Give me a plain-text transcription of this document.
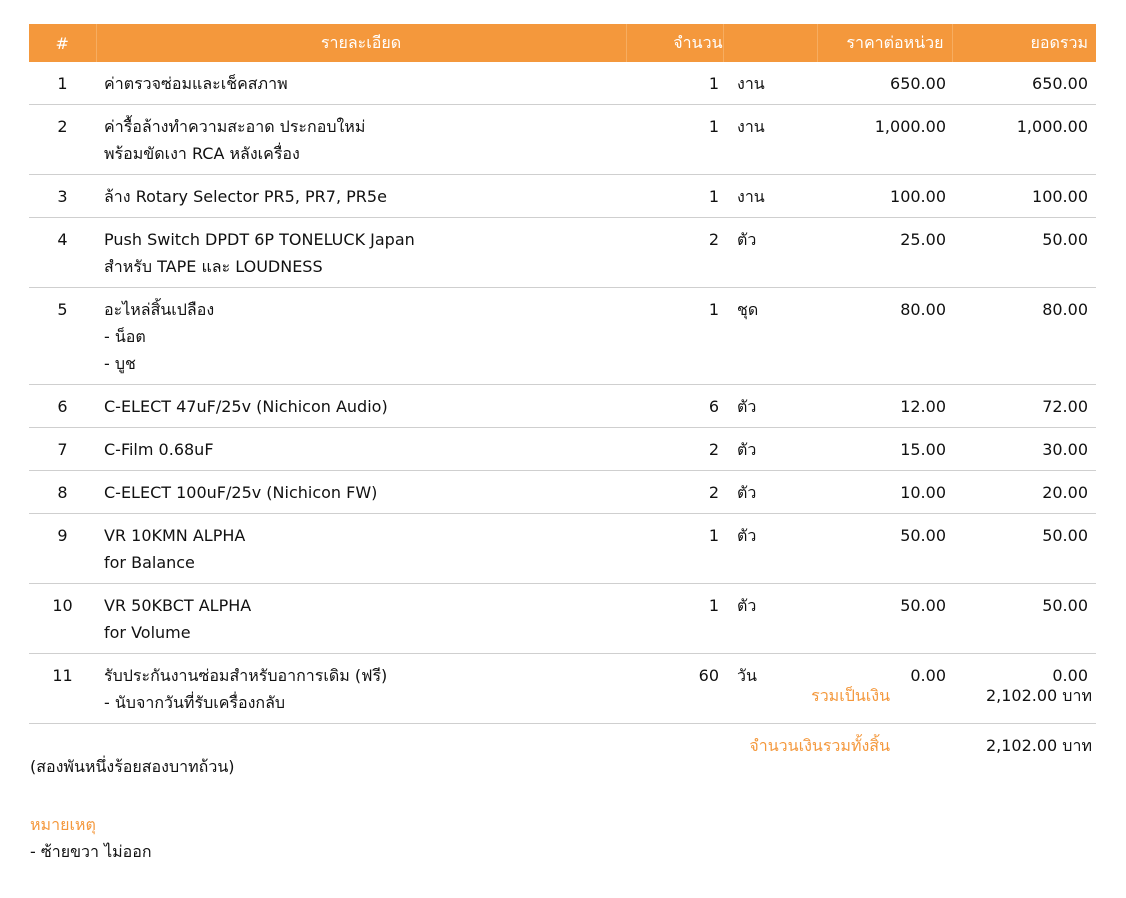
#	รายละเอียด	จำนวน		ราคาต่อหน่วย	ยอดรวม
1	ค่าตรวจซ่อมและเช็คสภาพ	1	งาน	650.00	650.00
2	ค่ารื้อล้างทำความสะอาด ประกอบใหม่
พร้อมขัดเงา RCA หลังเครื่อง	1	งาน	1,000.00	1,000.00
3	ล้าง Rotary Selector PR5, PR7, PR5e	1	งาน	100.00	100.00
4	Push Switch DPDT 6P TONELUCK Japan
สำหรับ TAPE และ LOUDNESS	2	ตัว	25.00	50.00
5	อะไหล่สิ้นเปลือง
- น็อต
- บูช	1	ชุด	80.00	80.00
6	C-ELECT 47uF/25v (Nichicon Audio)	6	ตัว	12.00	72.00
7	C-Film 0.68uF	2	ตัว	15.00	30.00
8	C-ELECT 100uF/25v (Nichicon FW)	2	ตัว	10.00	20.00
9	VR 10KMN ALPHA
for Balance	1	ตัว	50.00	50.00
10	VR 50KBCT ALPHA
for Volume	1	ตัว	50.00	50.00
11	รับประกันงานซ่อมสำหรับอาการเดิม (ฟรี)
- นับจากวันที่รับเครื่องกลับ	60	วัน	0.00	0.00
รวมเป็นเงิน	2,102.00 บาท
จำนวนเงินรวมทั้งสิ้น	2,102.00 บาท
(สองพันหนึ่งร้อยสองบาทถ้วน)
หมายเหตุ
- ซ้ายขวา ไม่ออก
